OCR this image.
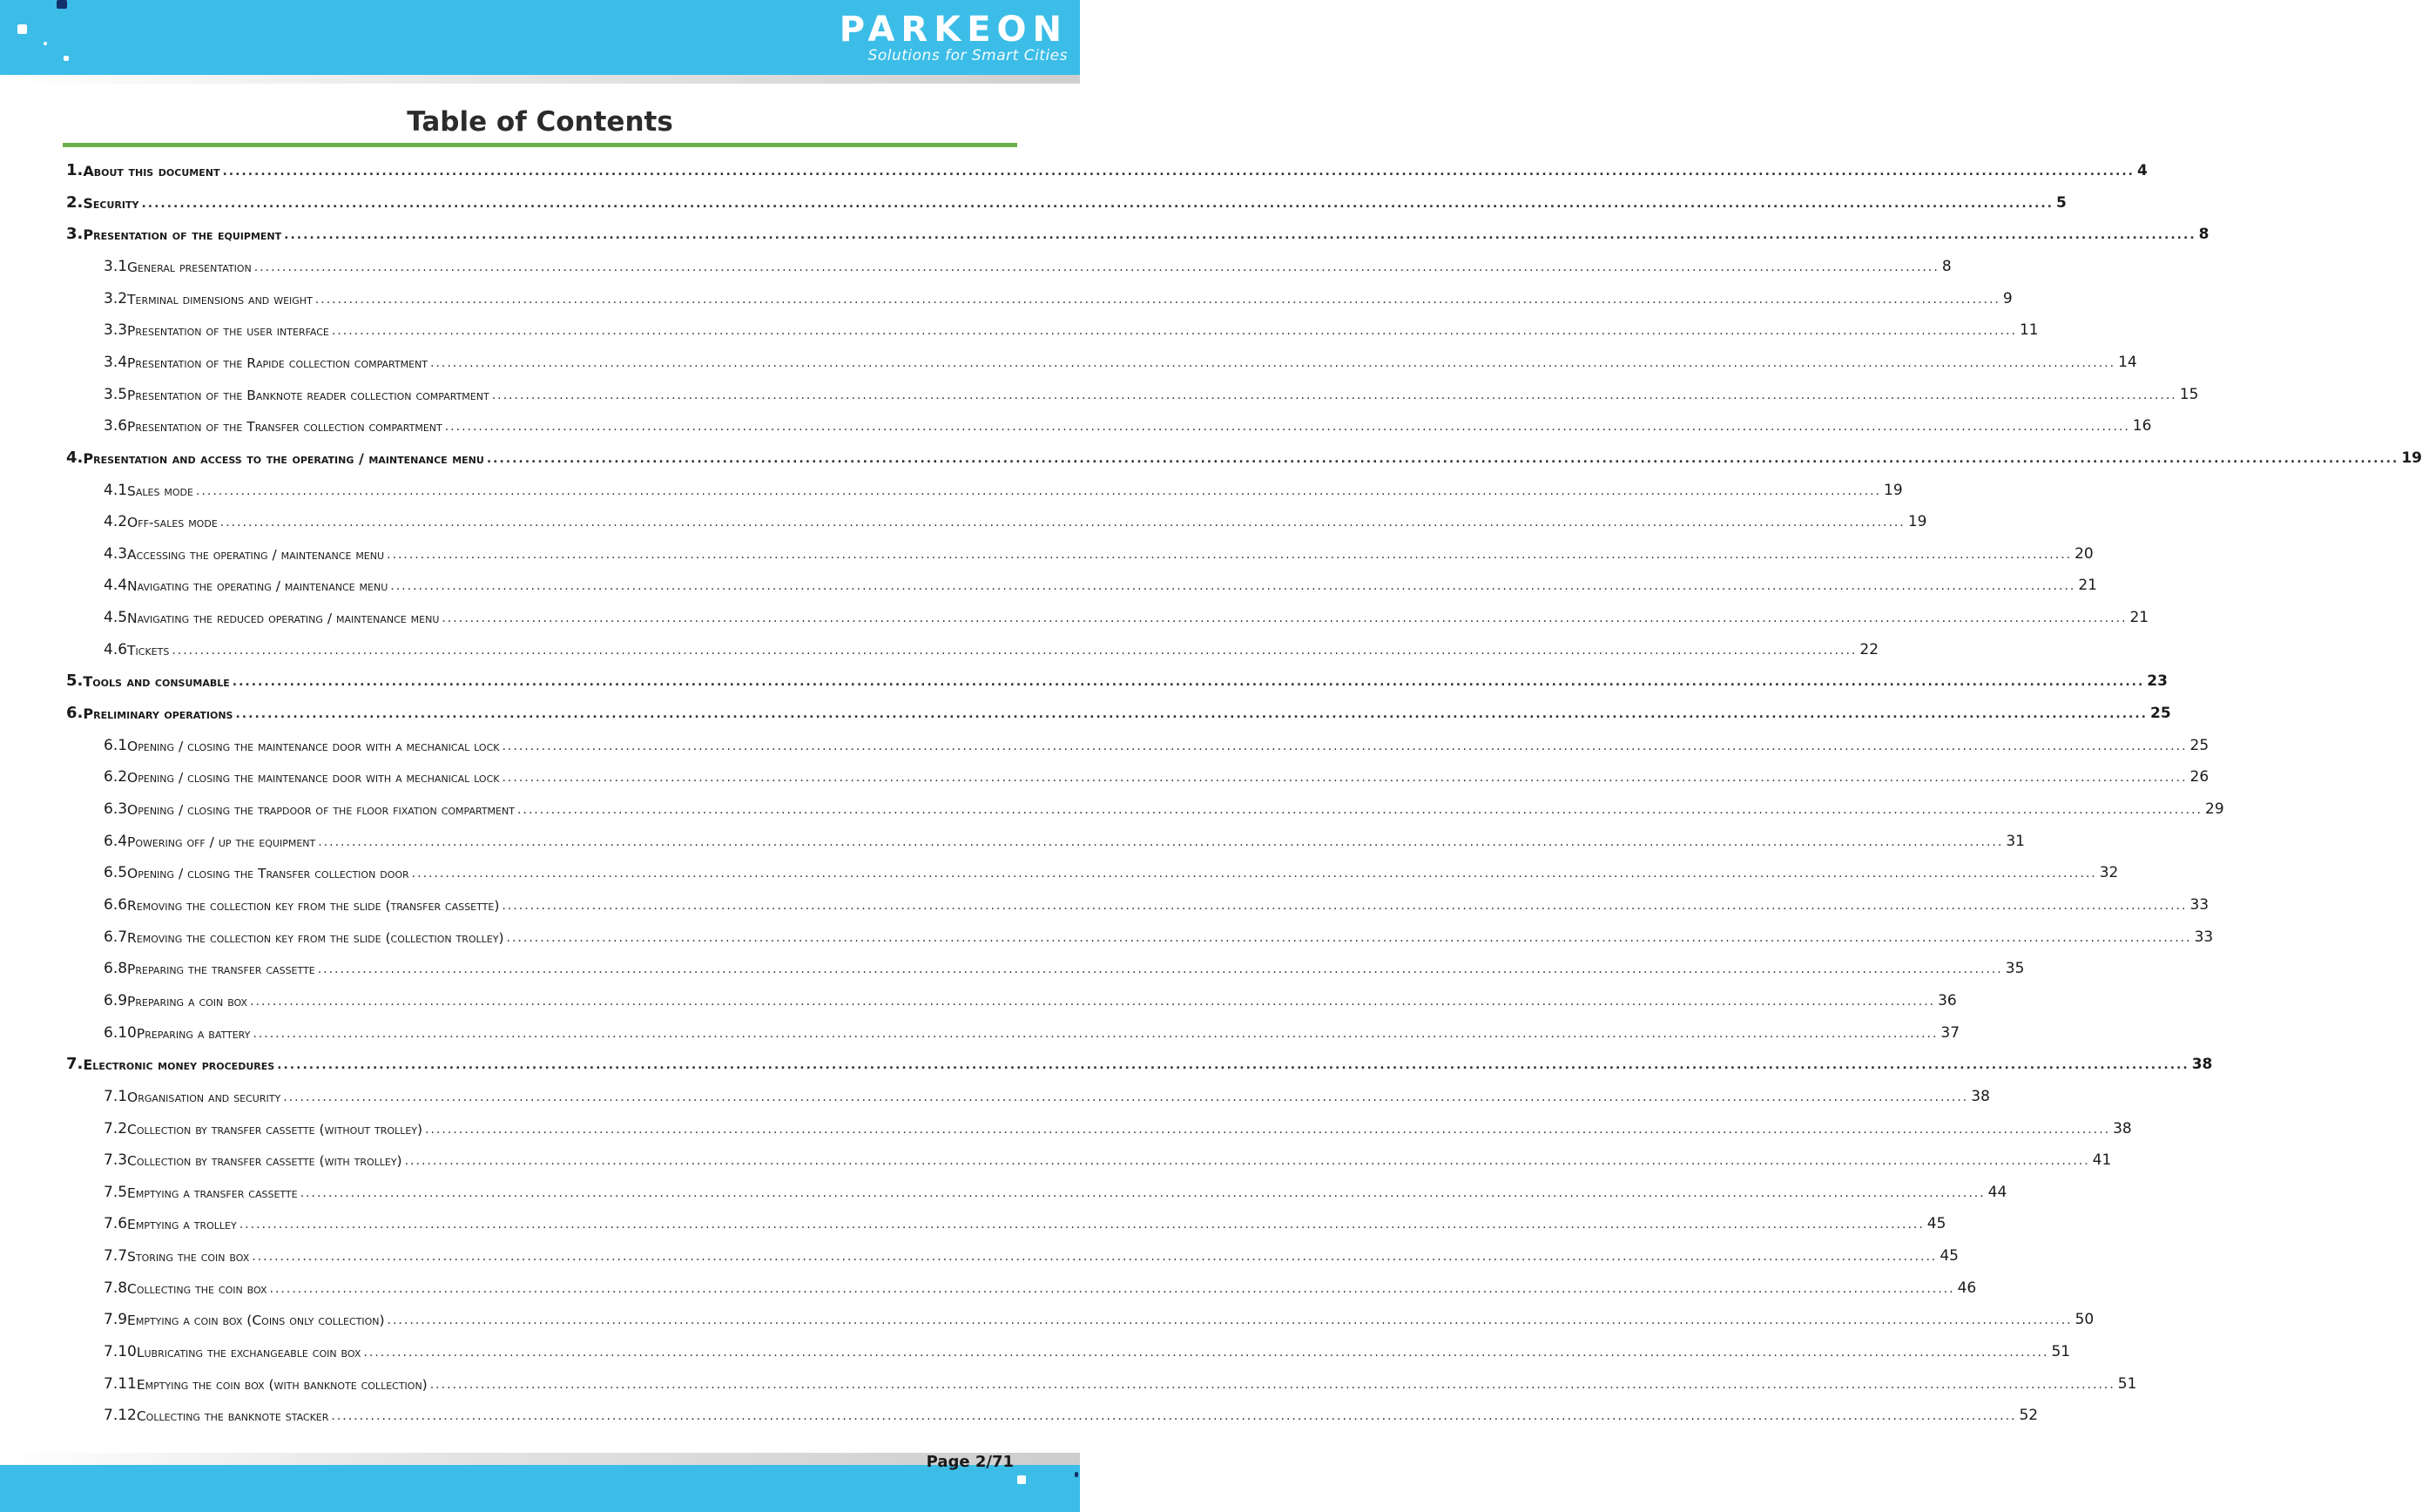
PARKEON
Solutions for Smart Cities
Table of Contents
1. About this document ............................................................................................................................................................................................................................................................................................................ 4
2. Security ............................................................................................................................................................................................................................................................................................................ 5
3. Presentation of the equipment ............................................................................................................................................................................................................................................................................................................ 8
3.1 General presentation ............................................................................................................................................................................................................................................................................................................ 8
3.2 Terminal dimensions and weight ............................................................................................................................................................................................................................................................................................................ 9
3.3 Presentation of the user interface ............................................................................................................................................................................................................................................................................................................ 11
3.4 Presentation of the Rapide collection compartment ............................................................................................................................................................................................................................................................................................................ 14
3.5 Presentation of the Banknote reader collection compartment ............................................................................................................................................................................................................................................................................................................ 15
3.6 Presentation of the Transfer collection compartment ............................................................................................................................................................................................................................................................................................................ 16
4. Presentation and access to the operating / maintenance menu ............................................................................................................................................................................................................................................................................................................ 19
4.1 Sales mode ............................................................................................................................................................................................................................................................................................................ 19
4.2 Off-sales mode ............................................................................................................................................................................................................................................................................................................ 19
4.3 Accessing the operating / maintenance menu ............................................................................................................................................................................................................................................................................................................ 20
4.4 Navigating the operating / maintenance menu ............................................................................................................................................................................................................................................................................................................ 21
4.5 Navigating the reduced operating / maintenance menu ............................................................................................................................................................................................................................................................................................................ 21
4.6 Tickets ............................................................................................................................................................................................................................................................................................................ 22
5. Tools and consumable ............................................................................................................................................................................................................................................................................................................ 23
6. Preliminary operations ............................................................................................................................................................................................................................................................................................................ 25
6.1 Opening / closing the maintenance door with a mechanical lock ............................................................................................................................................................................................................................................................................................................ 25
6.2 Opening / closing the maintenance door with a mechanical lock ............................................................................................................................................................................................................................................................................................................ 26
6.3 Opening / closing the trapdoor of the floor fixation compartment ............................................................................................................................................................................................................................................................................................................ 29
6.4 Powering off / up the equipment ............................................................................................................................................................................................................................................................................................................ 31
6.5 Opening / closing the Transfer collection door ............................................................................................................................................................................................................................................................................................................ 32
6.6 Removing the collection key from the slide (transfer cassette) ............................................................................................................................................................................................................................................................................................................ 33
6.7 Removing the collection key from the slide (collection trolley) ............................................................................................................................................................................................................................................................................................................ 33
6.8 Preparing the transfer cassette ............................................................................................................................................................................................................................................................................................................ 35
6.9 Preparing a coin box ............................................................................................................................................................................................................................................................................................................ 36
6.10 Preparing a battery ............................................................................................................................................................................................................................................................................................................ 37
7. Electronic money procedures ............................................................................................................................................................................................................................................................................................................ 38
7.1 Organisation and security ............................................................................................................................................................................................................................................................................................................ 38
7.2 Collection by transfer cassette (without trolley) ............................................................................................................................................................................................................................................................................................................ 38
7.3 Collection by transfer cassette (with trolley) ............................................................................................................................................................................................................................................................................................................ 41
7.5 Emptying a transfer cassette ............................................................................................................................................................................................................................................................................................................ 44
7.6 Emptying a trolley ............................................................................................................................................................................................................................................................................................................ 45
7.7 Storing the coin box ............................................................................................................................................................................................................................................................................................................ 45
7.8 Collecting the coin box ............................................................................................................................................................................................................................................................................................................ 46
7.9 Emptying a coin box (Coins only collection) ............................................................................................................................................................................................................................................................................................................ 50
7.10 Lubricating the exchangeable coin box ............................................................................................................................................................................................................................................................................................................ 51
7.11 Emptying the coin box (with banknote collection) ............................................................................................................................................................................................................................................................................................................ 51
7.12 Collecting the banknote stacker ............................................................................................................................................................................................................................................................................................................ 52
Page 2/71
